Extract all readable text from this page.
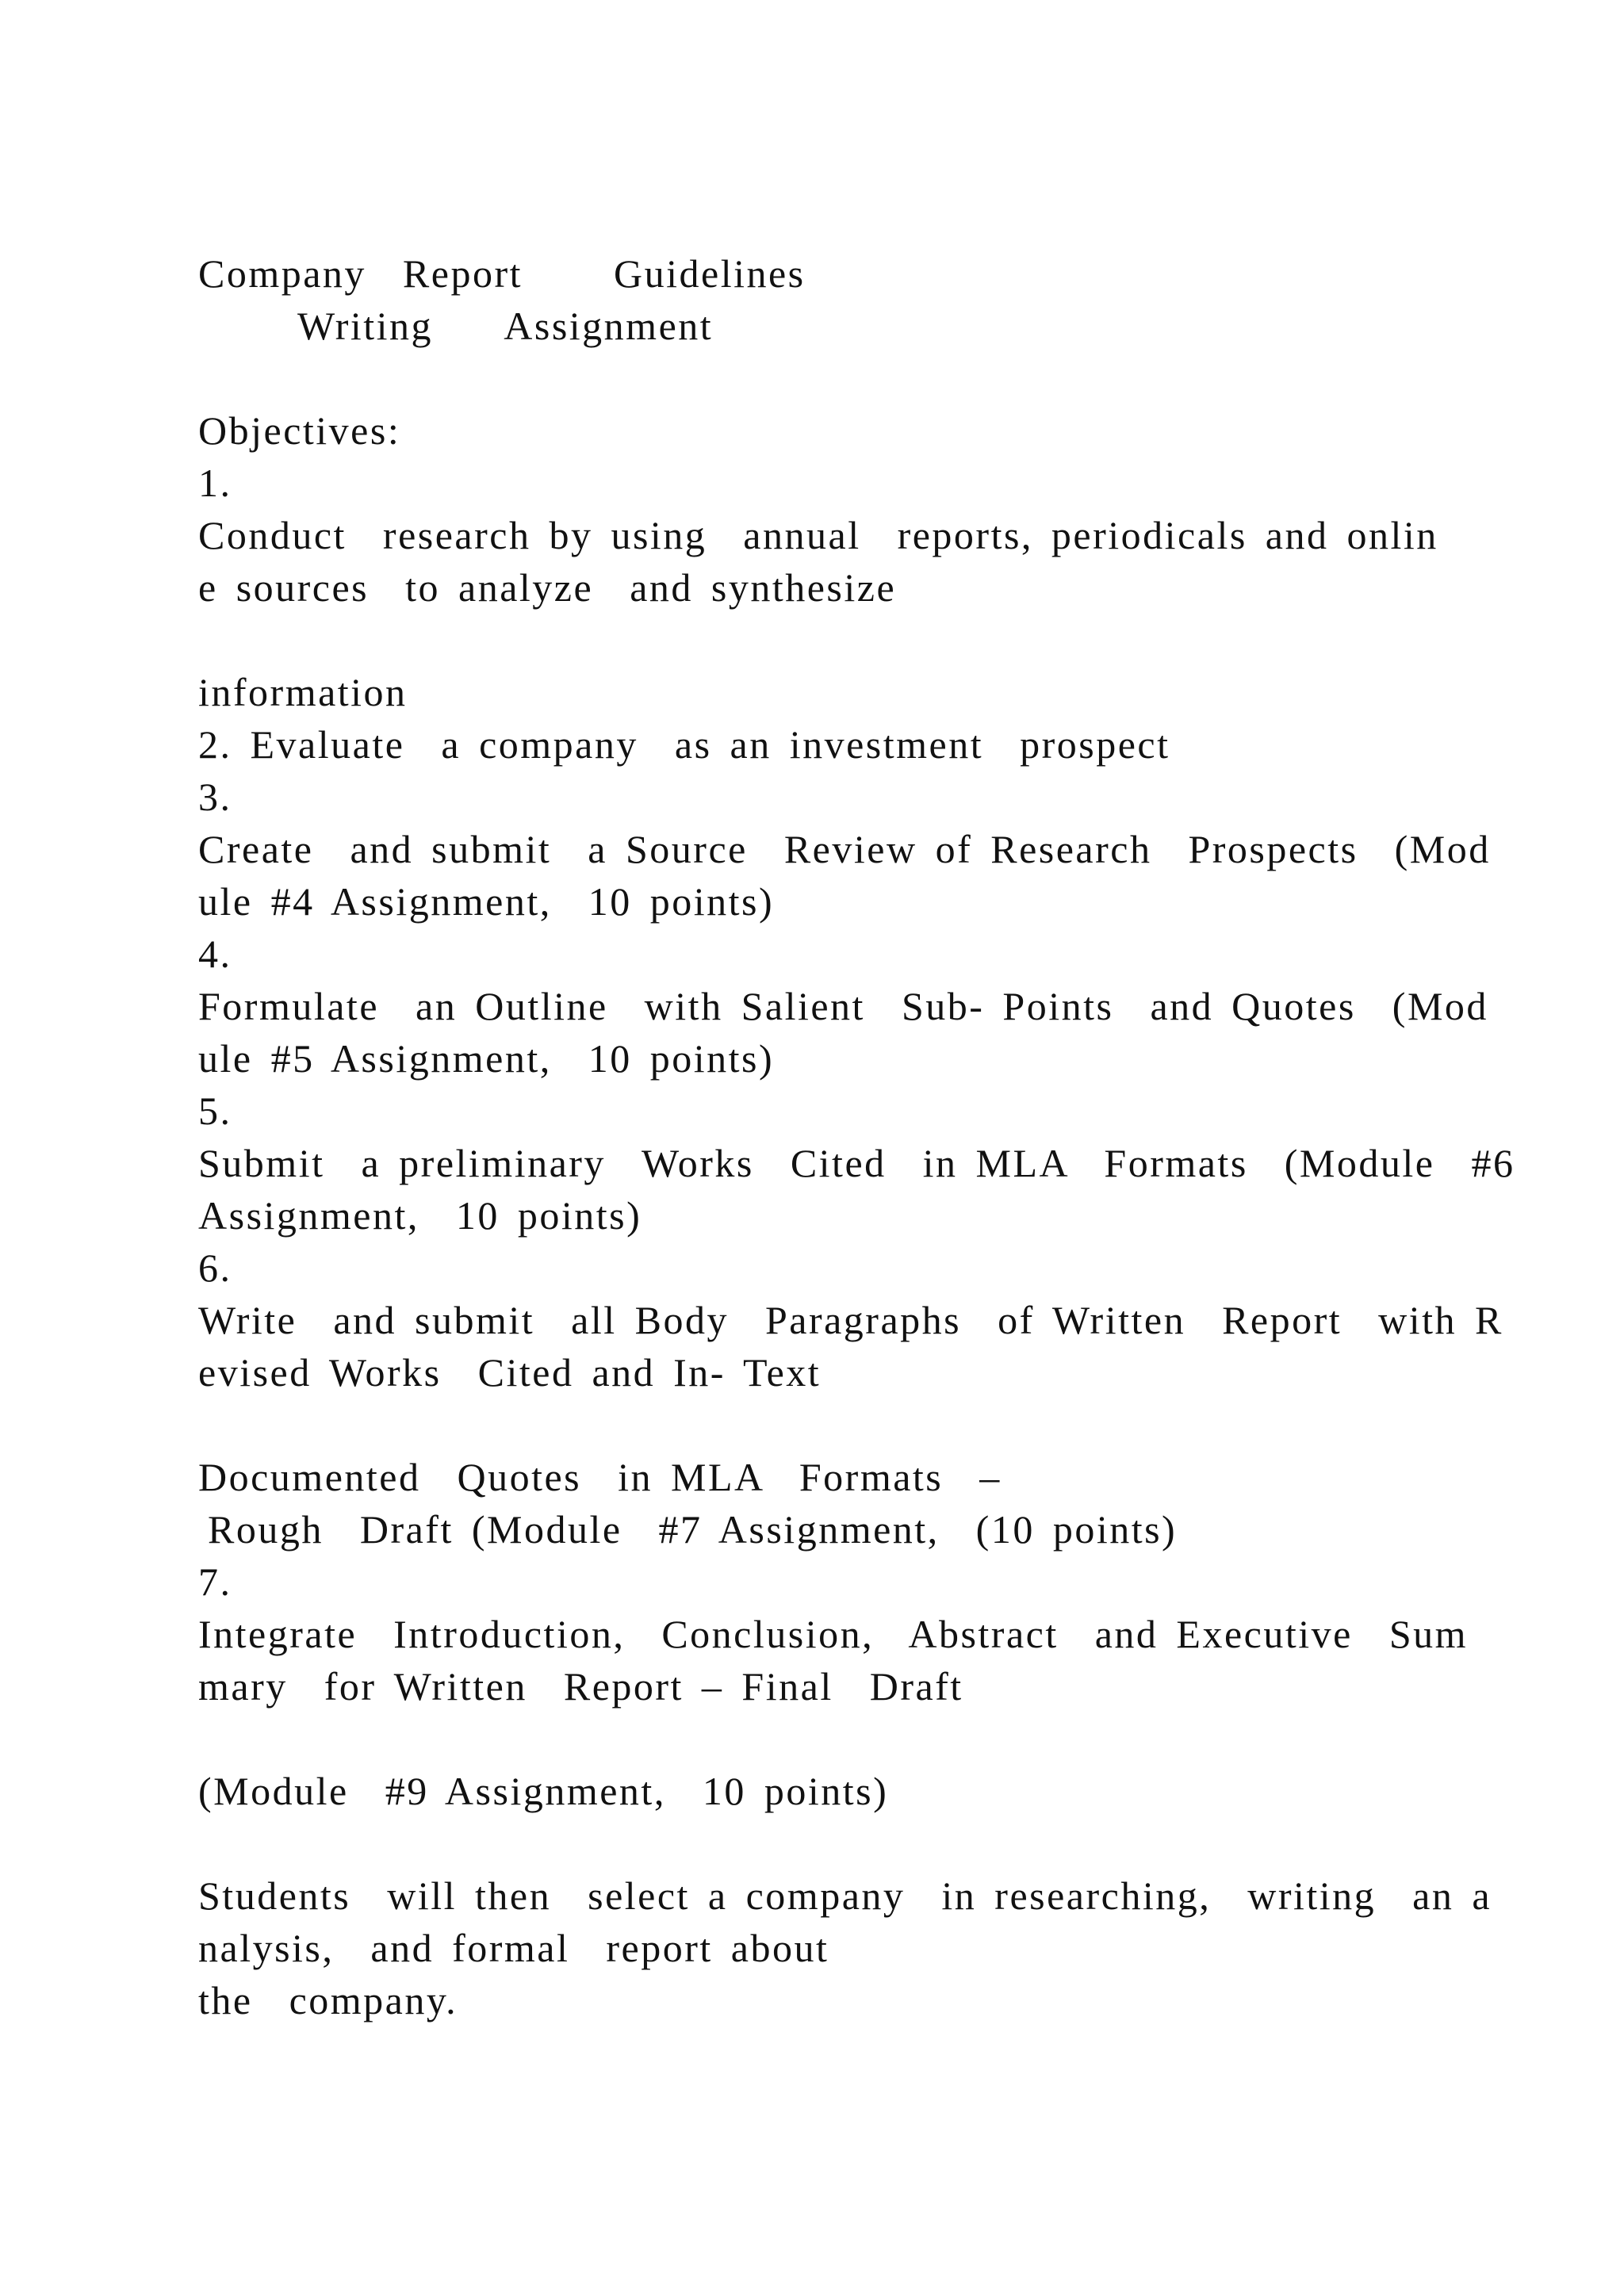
Company  Report     Guidelines

Writing    Assignment

Objectives:

1.

Conduct  research by using  annual  reports, periodicals and onlin

e sources  to analyze  and synthesize

information

2. Evaluate  a company  as an investment  prospect

3.

Create  and submit  a Source  Review of Research  Prospects  (Mod

ule #4 Assignment,  10 points)

4.

Formulate  an Outline  with Salient  Sub- Points  and Quotes  (Mod

ule #5 Assignment,  10 points)

5.

Submit  a preliminary  Works  Cited  in MLA  Formats  (Module  #6

Assignment,  10 points)

6.

Write  and submit  all Body  Paragraphs  of Written  Report  with R

evised Works  Cited and In- Text

Documented  Quotes  in MLA  Formats  –

Rough  Draft (Module  #7 Assignment,  (10 points)

7.

Integrate  Introduction,  Conclusion,  Abstract  and Executive  Sum

mary  for Written  Report – Final  Draft

(Module  #9 Assignment,  10 points)

Students  will then  select a company  in researching,  writing  an a

nalysis,  and formal  report about

the  company.
